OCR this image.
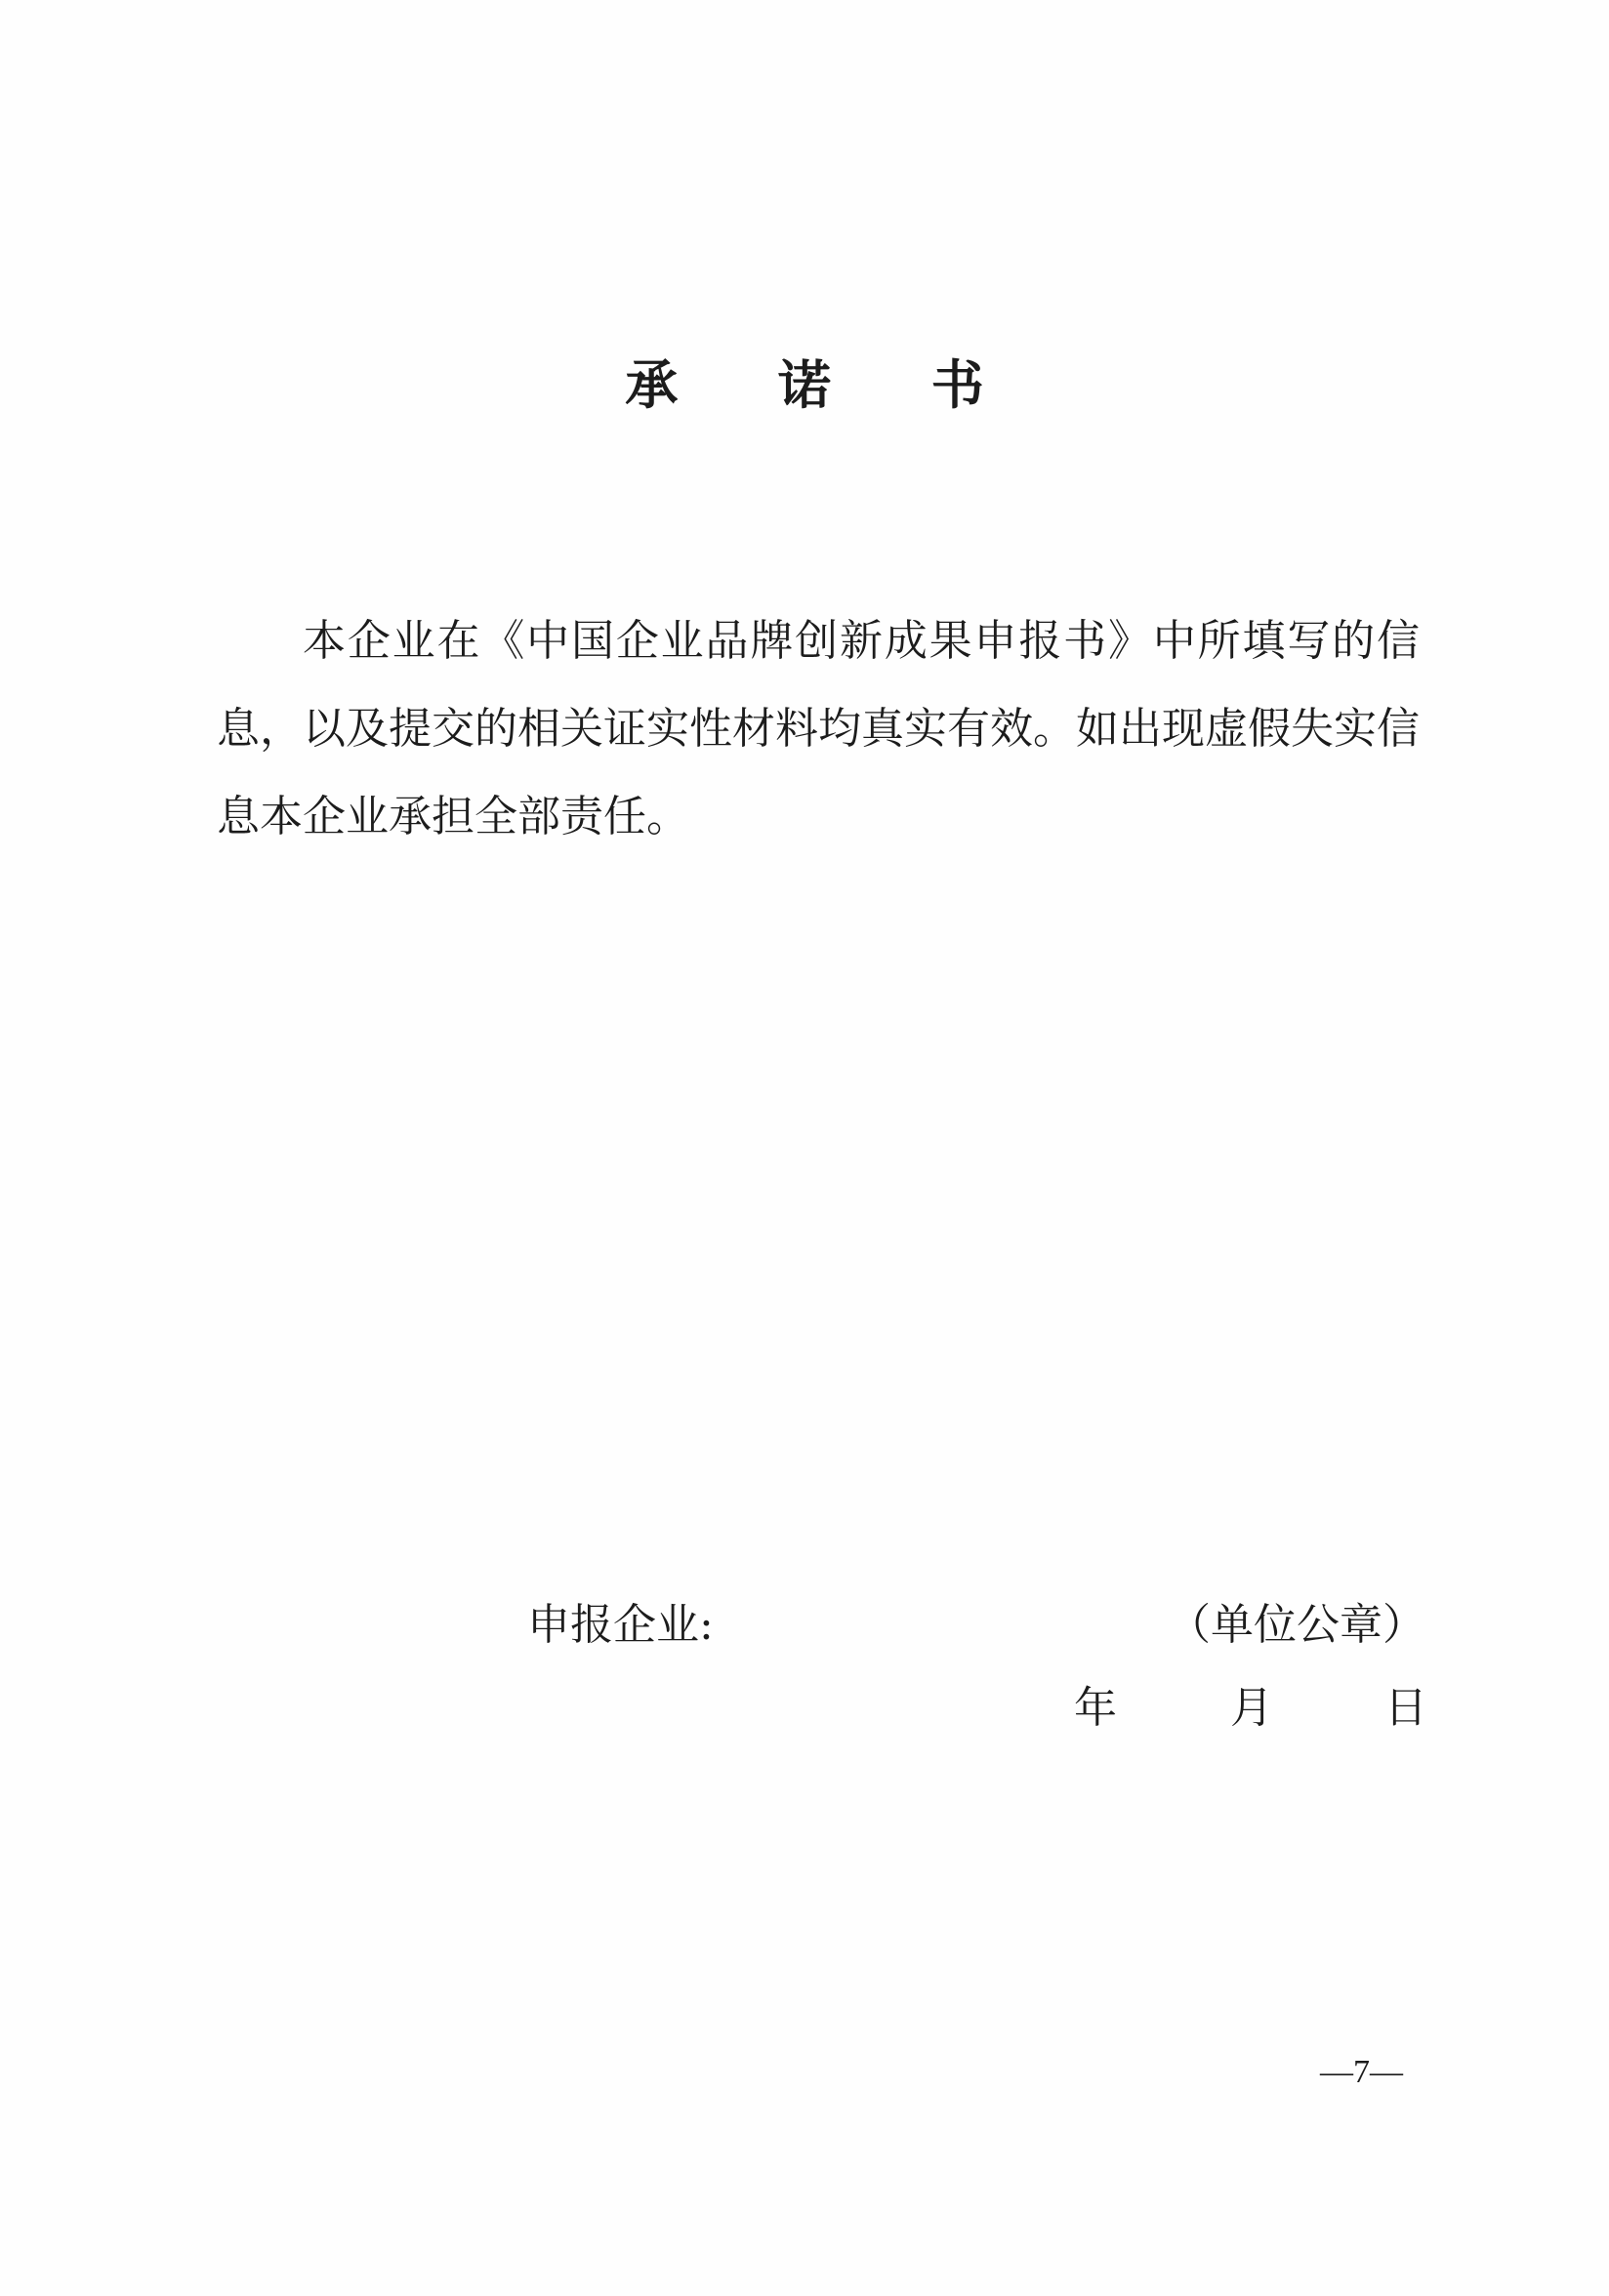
承 诺 书
本企业在《中国企业品牌创新成果申报书》中所填写的信息，以及提交的相关证实性材料均真实有效。如出现虚假失实信息本企业承担全部责任。
申报企业:	（单位公章）
年	月	日
—7—
